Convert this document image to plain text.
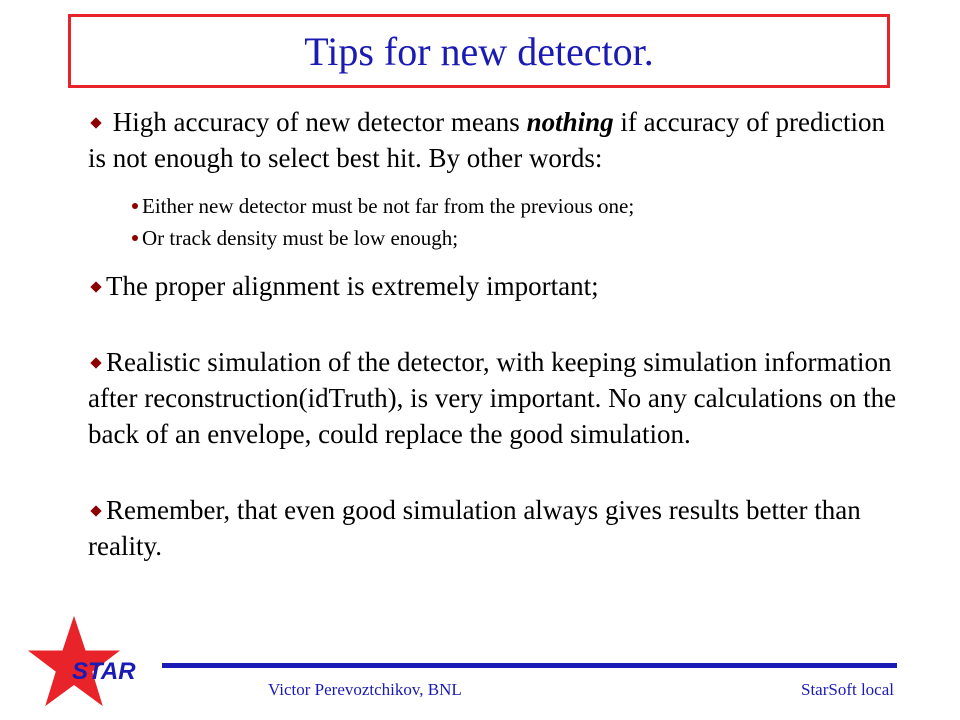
Tips for new detector.

High accuracy of new detector means nothing if accuracy of prediction is not enough to select best hit. By other words:

Either new detector must be not far from the previous one;

Or track density must be low enough;

The proper alignment is extremely important;

Realistic simulation of the detector, with keeping simulation information after reconstruction(idTruth), is very important. No any calculations on the back of an envelope, could replace the good simulation.

Remember, that even good simulation always gives results better than reality.

STAR
Victor Perevoztchikov, BNL	StarSoft local
